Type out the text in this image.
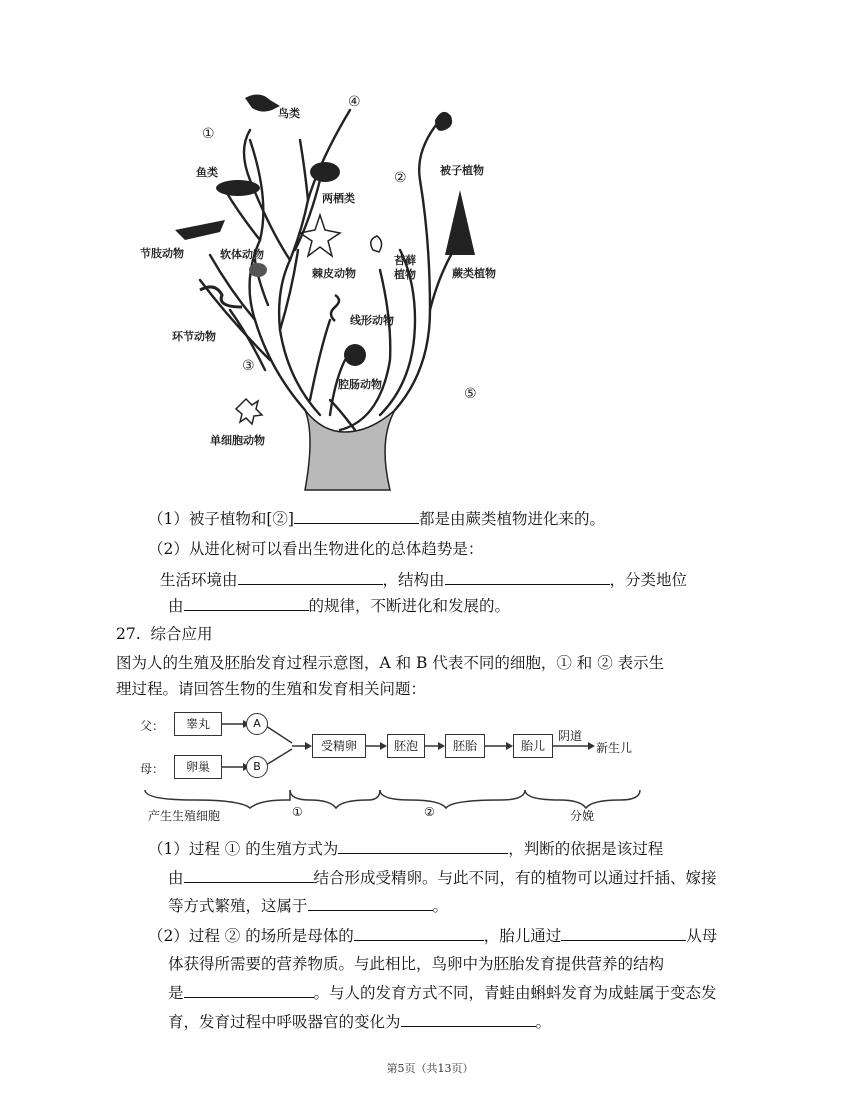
鸟类
④
①
鱼类
两栖类
节肢动物	软体动物
棘皮动物
环节动物
线形动物
③
腔肠动物
单细胞动物
②	被子植物
蕨类植物
苔藓
植物
⑤
（1）被子植物和[②]	都是由蕨类植物进化来的。
（2）从进化树可以看出生物进化的总体趋势是：
生活环境由	，结构由	，分类地位
由	的规律，不断进化和发展的。
27. 综合应用
图为人的生殖及胚胎发育过程示意图，A 和 B 代表不同的细胞，① 和 ② 表示生
理过程。请回答生物的生殖和发育相关问题：
父：
母：
睾丸
卵巢
A
B
受精卵	胚泡	胚胎	胎儿
阴道
新生儿
产生生殖细胞	①	②	分娩
（1）过程 ① 的生殖方式为	，判断的依据是该过程
由	结合形成受精卵。与此不同，有的植物可以通过扦插、嫁接
等方式繁殖，这属于	。
（2）过程 ② 的场所是母体的	，胎儿通过	从母
体获得所需要的营养物质。与此相比，鸟卵中为胚胎发育提供营养的结构
是	。与人的发育方式不同，青蛙由蝌蚪发育为成蛙属于变态发
育，发育过程中呼吸器官的变化为	。
第5页（共13页）
